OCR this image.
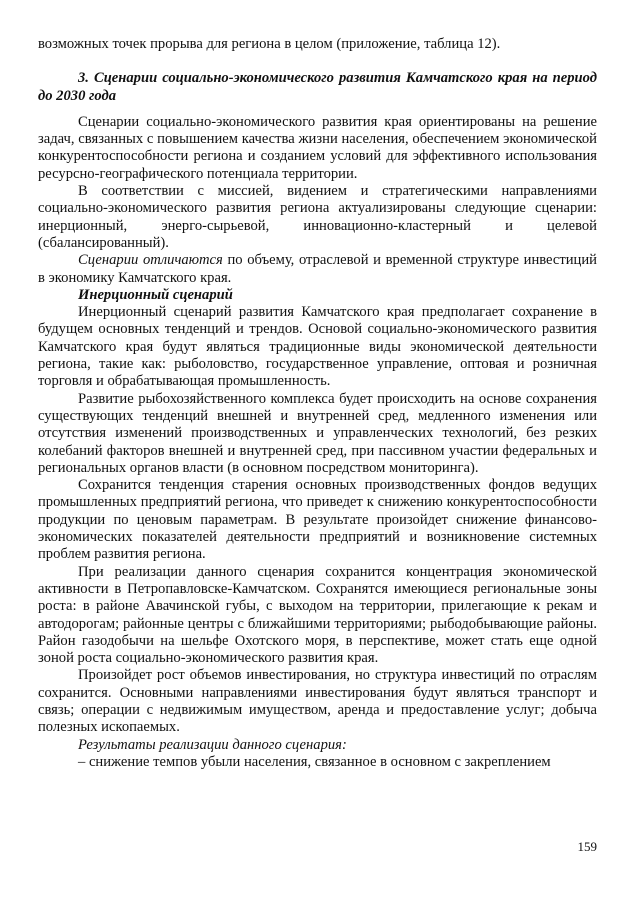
возможных точек прорыва для региона в целом (приложение, таблица 12).

3. Сценарии социально-экономического развития Камчатского края на период до 2030 года

Сценарии социально-экономического развития края ориентированы на решение задач, связанных с повышением качества жизни населения, обеспечением экономической конкурентоспособности региона и созданием условий для эффективного использования ресурсно-географического потенциала территории.

В соответствии с миссией, видением и стратегическими направлениями социально-экономического развития региона актуализированы следующие сценарии: инерционный, энерго-сырьевой, инновационно-кластерный и целевой (сбалансированный).

Сценарии отличаются по объему, отраслевой и временной структуре инвестиций в экономику Камчатского края.

Инерционный сценарий

Инерционный сценарий развития Камчатского края предполагает сохранение в будущем основных тенденций и трендов. Основой социально-экономического развития Камчатского края будут являться традиционные виды экономической деятельности региона, такие как: рыболовство, государственное управление, оптовая и розничная торговля и обрабатывающая промышленность.

Развитие рыбохозяйственного комплекса будет происходить на основе сохранения существующих тенденций внешней и внутренней сред, медленного изменения или отсутствия изменений производственных и управленческих технологий, без резких колебаний факторов внешней и внутренней сред, при пассивном участии федеральных и региональных органов власти (в основном посредством мониторинга).

Сохранится тенденция старения основных производственных фондов ведущих промышленных предприятий региона, что приведет к снижению конкурентоспособности продукции по ценовым параметрам. В результате произойдет снижение финансово-экономических показателей деятельности предприятий и возникновение системных проблем развития региона.

При реализации данного сценария сохранится концентрация экономической активности в Петропавловске-Камчатском. Сохранятся имеющиеся региональные зоны роста: в районе Авачинской губы, с выходом на территории, прилегающие к рекам и автодорогам; районные центры с ближайшими территориями; рыбодобывающие районы. Район газодобычи на шельфе Охотского моря, в перспективе, может стать еще одной зоной роста социально-экономического развития края.

Произойдет рост объемов инвестирования, но структура инвестиций по отраслям сохранится. Основными направлениями инвестирования будут являться транспорт и связь; операции с недвижимым имуществом, аренда и предоставление услуг; добыча полезных ископаемых.

Результаты реализации данного сценария:

– снижение темпов убыли населения, связанное в основном с закреплением

159
